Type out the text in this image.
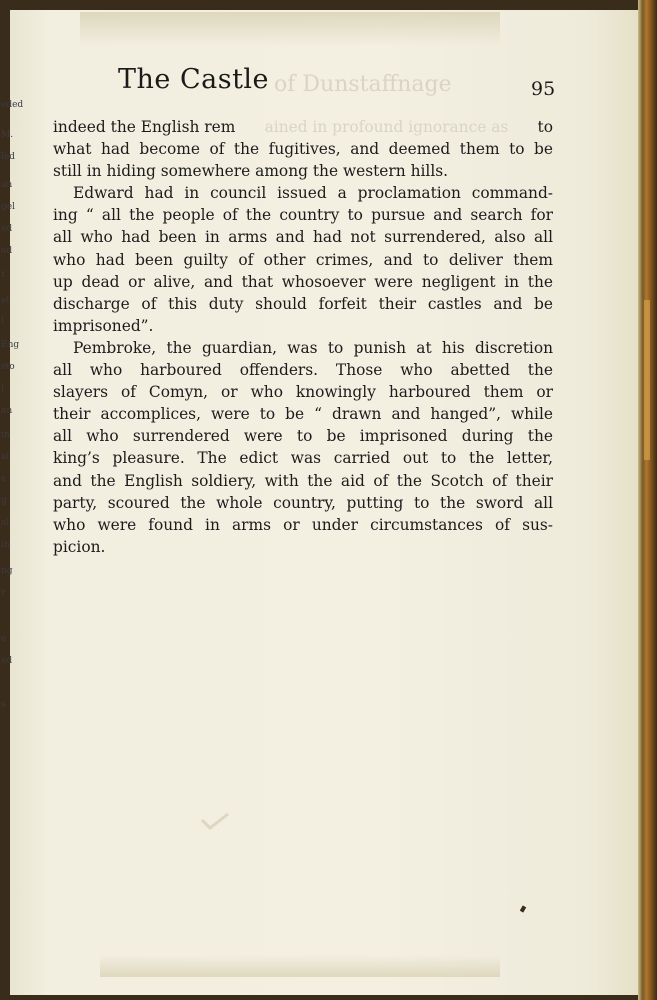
eded
M.
led
an
gel
ed
ad
t
el
l
Eng
sto
l
an
in
al
s
g
al
in
ng
r
e
ed
s
The Castle of Dunstaffnage	95
indeed the English rem ained in profound ignorance as to
what had become of the fugitives, and deemed them to be
still in hiding somewhere among the western hills.
Edward had in council issued a proclamation command-
ing “ all the people of the country to pursue and search for
all who had been in arms and had not surrendered, also all
who had been guilty of other crimes, and to deliver them
up dead or alive, and that whosoever were negligent in the
discharge of this duty should forfeit their castles and be
imprisoned”.
Pembroke, the guardian, was to punish at his discretion
all who harboured offenders. Those who abetted the
slayers of Comyn, or who knowingly harboured them or
their accomplices, were to be “ drawn and hanged”, while
all who surrendered were to be imprisoned during the
king’s pleasure. The edict was carried out to the letter,
and the English soldiery, with the aid of the Scotch of their
party, scoured the whole country, putting to the sword all
who were found in arms or under circumstances of sus-
picion.
